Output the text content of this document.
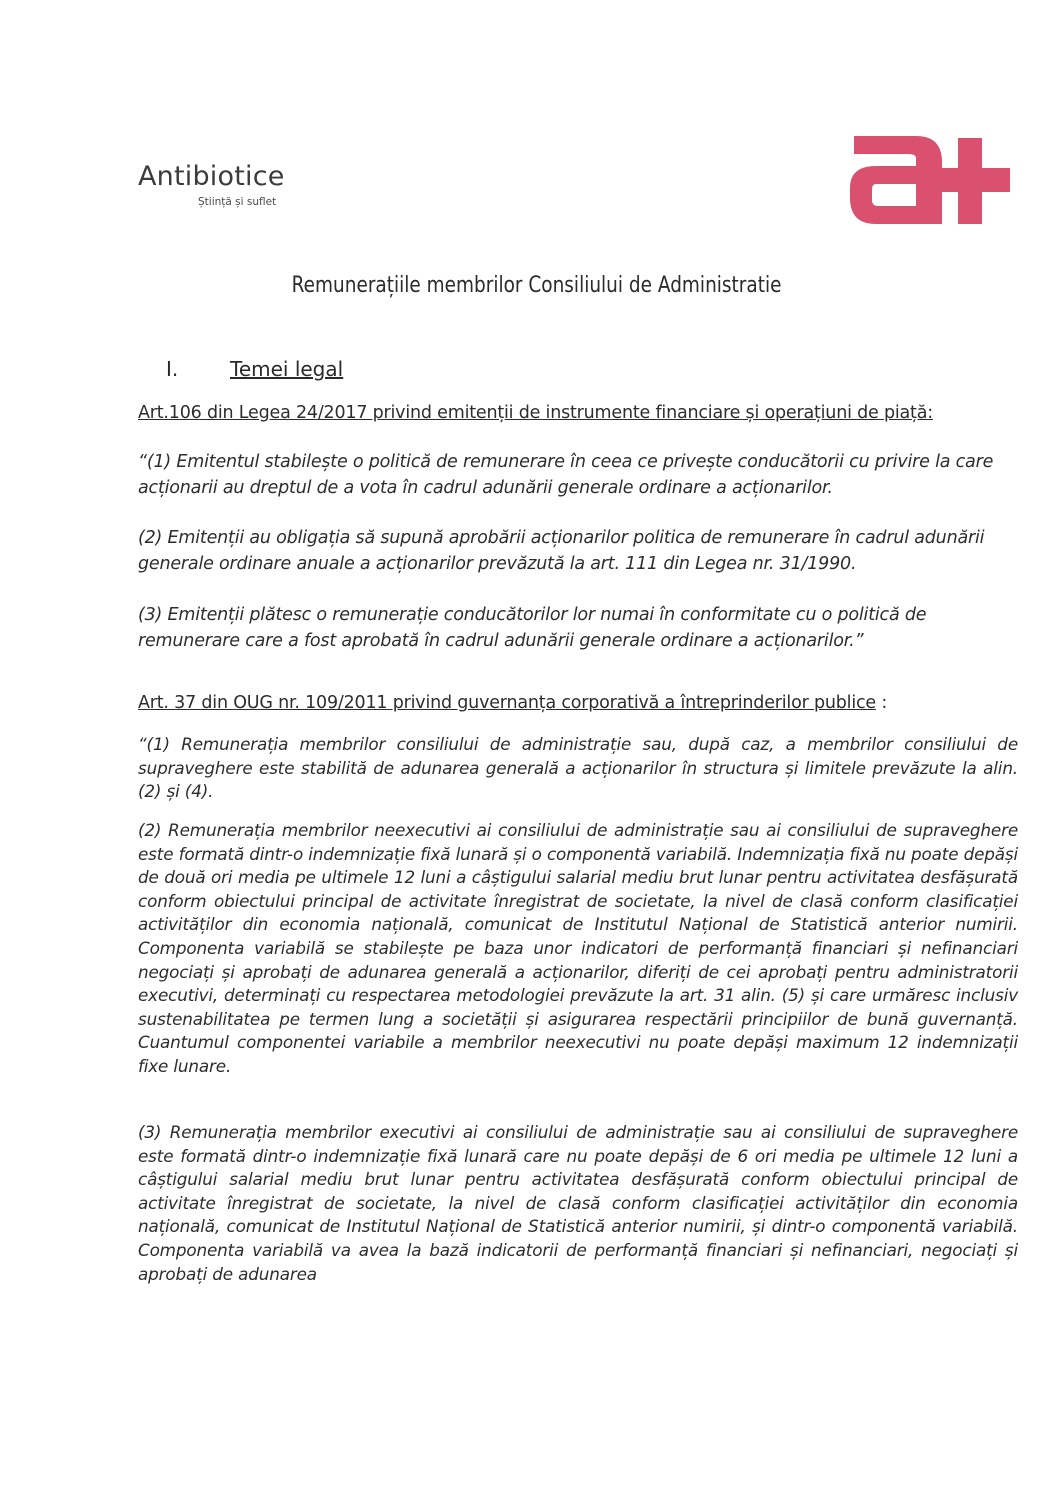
Antibiotice
Știință și suflet
Remunerațiile membrilor Consiliului de Administratie
I.	Temei legal
Art.106 din Legea 24/2017 privind emitenții de instrumente financiare și operațiuni de piață:

“(1) Emitentul stabilește o politică de remunerare în ceea ce privește conducătorii cu privire la care acționarii au dreptul de a vota în cadrul adunării generale ordinare a acționarilor.

(2) Emitenții au obligația să supună aprobării acționarilor politica de remunerare în cadrul adunării generale ordinare anuale a acționarilor prevăzută la art. 111 din Legea nr. 31/1990.

(3) Emitenții plătesc o remunerație conducătorilor lor numai în conformitate cu o politică de remunerare care a fost aprobată în cadrul adunării generale ordinare a acționarilor.”

Art. 37 din OUG nr. 109/2011 privind guvernanța corporativă a întreprinderilor publice :

“(1) Remunerația membrilor consiliului de administrație sau, după caz, a membrilor consiliului de supraveghere este stabilită de adunarea generală a acționarilor în structura și limitele prevăzute la alin. (2) și (4).

(2) Remunerația membrilor neexecutivi ai consiliului de administrație sau ai consiliului de supraveghere este formată dintr-o indemnizație fixă lunară și o componentă variabilă. Indemnizația fixă nu poate depăși de două ori media pe ultimele 12 luni a câștigului salarial mediu brut lunar pentru activitatea desfășurată conform obiectului principal de activitate înregistrat de societate, la nivel de clasă conform clasificației activităților din economia națională, comunicat de Institutul Național de Statistică anterior numirii. Componenta variabilă se stabilește pe baza unor indicatori de performanță financiari și nefinanciari negociați și aprobați de adunarea generală a acționarilor, diferiți de cei aprobați pentru administratorii executivi, determinați cu respectarea metodologiei prevăzute la art. 31 alin. (5) și care urmăresc inclusiv sustenabilitatea pe termen lung a societății și asigurarea respectării principiilor de bună guvernanță. Cuantumul componentei variabile a membrilor neexecutivi nu poate depăși maximum 12 indemnizații fixe lunare.

(3) Remunerația membrilor executivi ai consiliului de administrație sau ai consiliului de supraveghere este formată dintr-o indemnizație fixă lunară care nu poate depăși de 6 ori media pe ultimele 12 luni a câștigului salarial mediu brut lunar pentru activitatea desfășurată conform obiectului principal de activitate înregistrat de societate, la nivel de clasă conform clasificației activităților din economia națională, comunicat de Institutul Național de Statistică anterior numirii, și dintr-o componentă variabilă. Componenta variabilă va avea la bază indicatorii de performanță financiari și nefinanciari, negociați și aprobați de adunarea
